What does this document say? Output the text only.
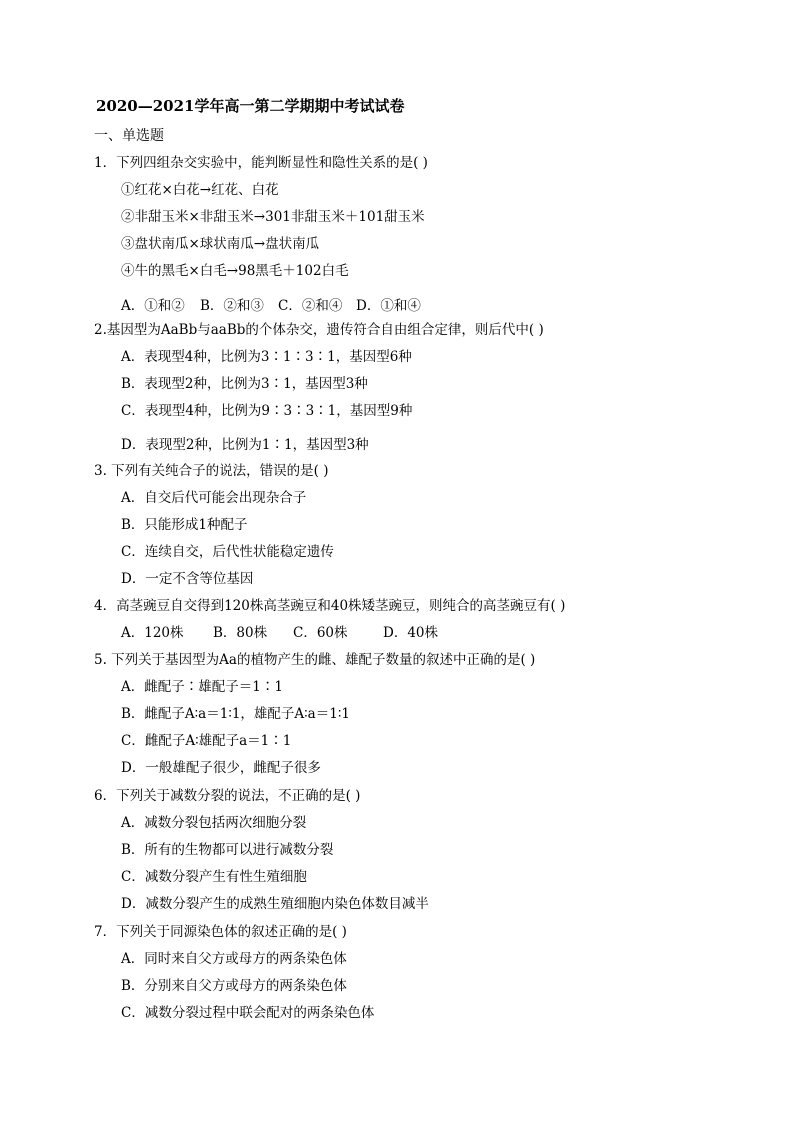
2020—2021学年高一第二学期期中考试试卷
一、单选题
1．下列四组杂交实验中，能判断显性和隐性关系的是( )
①红花×白花→红花、白花
②非甜玉米×非甜玉米→301非甜玉米＋101甜玉米
③盘状南瓜×球状南瓜→盘状南瓜
④牛的黑毛×白毛→98黑毛＋102白毛
A．①和② B．②和③ C．②和④ D．①和④
2.基因型为AaBb与aaBb的个体杂交，遗传符合自由组合定律，则后代中( )
A．表现型4种，比例为3∶1∶3∶1，基因型6种
B．表现型2种，比例为3∶1，基因型3种
C．表现型4种，比例为9∶3∶3∶1，基因型9种
D．表现型2种，比例为1∶1，基因型3种
3. 下列有关纯合子的说法，错误的是( )
A．自交后代可能会出现杂合子
B．只能形成1种配子
C．连续自交，后代性状能稳定遗传
D．一定不含等位基因
4．高茎豌豆自交得到120株高茎豌豆和40株矮茎豌豆，则纯合的高茎豌豆有( )
A．120株 B．80株 C．60株	D．40株
5. 下列关于基因型为Aa的植物产生的雌、雄配子数量的叙述中正确的是( )
A．雌配子∶雄配子＝1∶1
B．雌配子A∶a＝1∶1，雄配子A∶a＝1∶1
C．雌配子A∶雄配子a＝1∶1
D．一般雄配子很少，雌配子很多
6．下列关于减数分裂的说法，不正确的是( )
A．减数分裂包括两次细胞分裂
B．所有的生物都可以进行减数分裂
C．减数分裂产生有性生殖细胞
D．减数分裂产生的成熟生殖细胞内染色体数目减半
7．下列关于同源染色体的叙述正确的是( )
A．同时来自父方或母方的两条染色体
B．分别来自父方或母方的两条染色体
C．减数分裂过程中联会配对的两条染色体
